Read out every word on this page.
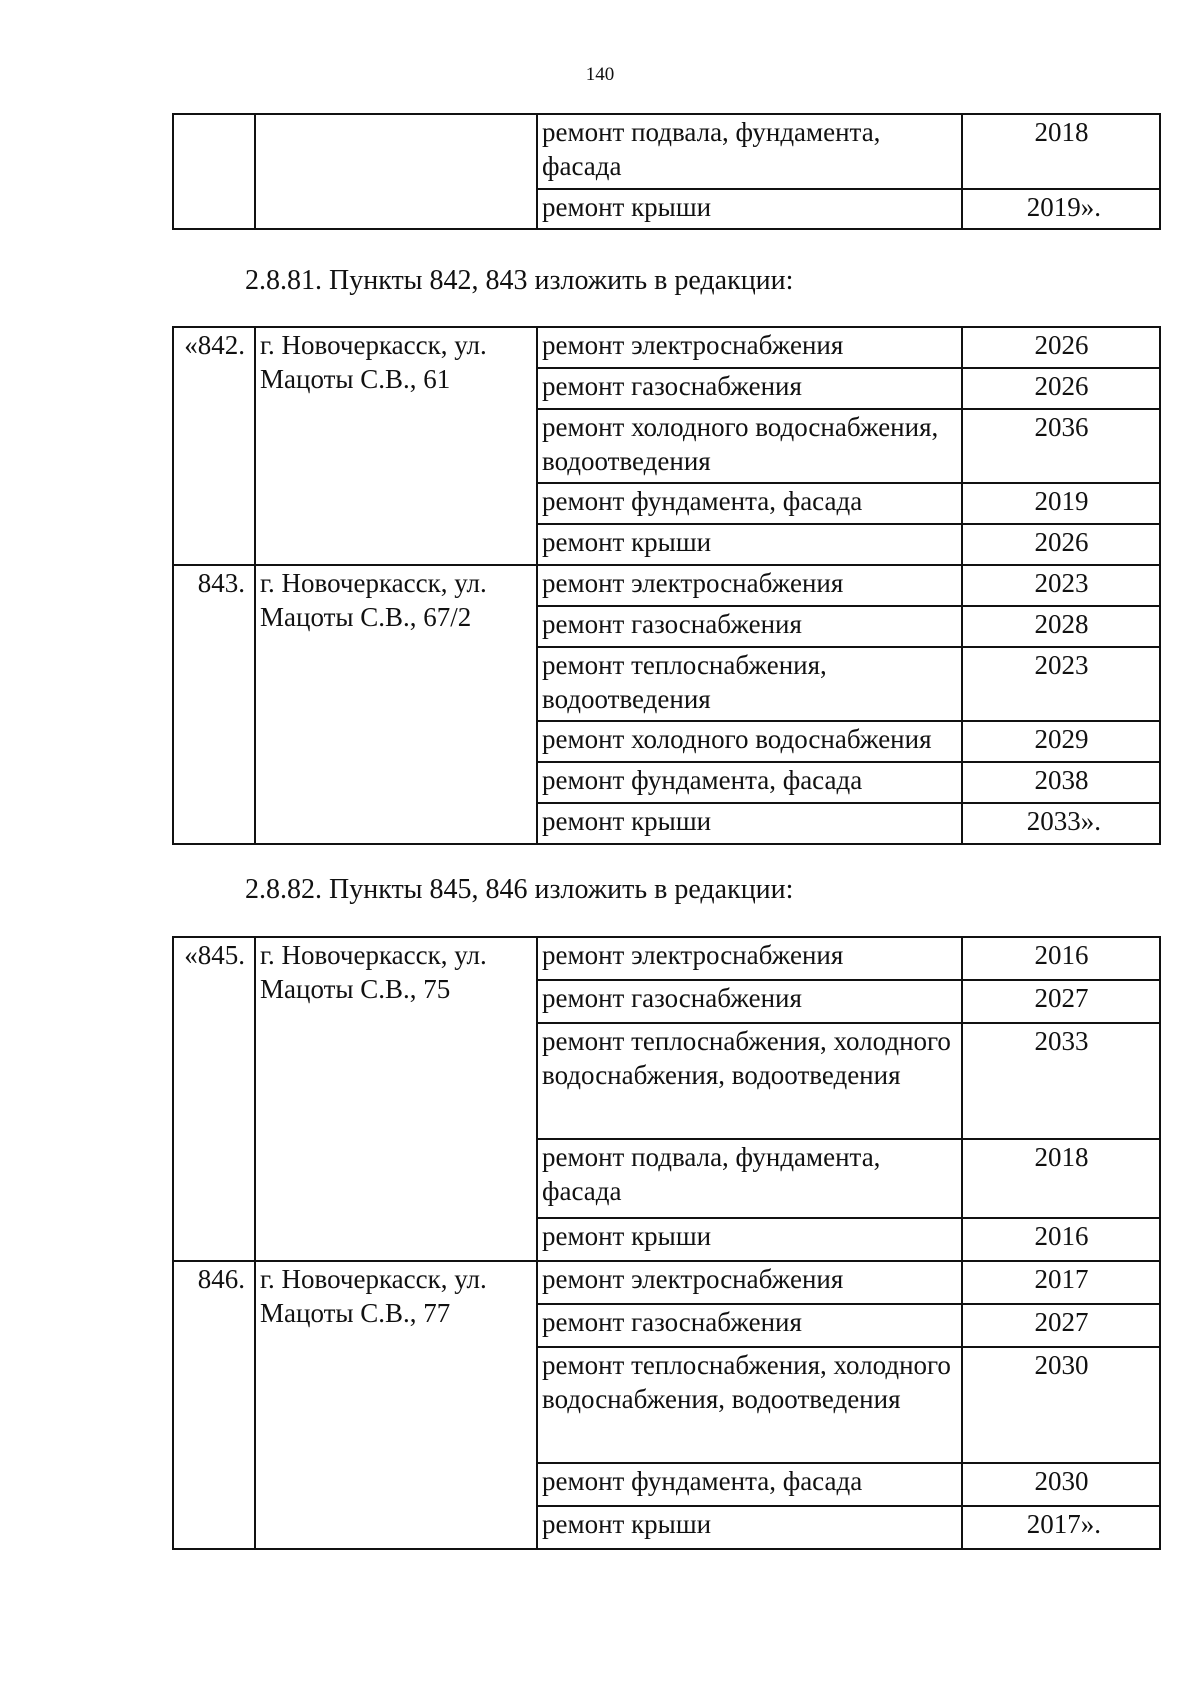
140
		ремонт подвала, фундамента, фасада	2018
		ремонт крыши	2019».
2.8.81. Пункты 842, 843 изложить в редакции:
«842.	г. Новочеркасск, ул. Мацоты С.В., 61	ремонт электроснабжения	2026
		ремонт газоснабжения	2026
		ремонт холодного водоснабжения, водоотведения	2036
		ремонт фундамента, фасада	2019
		ремонт крыши	2026
843.	г. Новочеркасск, ул. Мацоты С.В., 67/2	ремонт электроснабжения	2023
		ремонт газоснабжения	2028
		ремонт теплоснабжения, водоотведения	2023
		ремонт холодного водоснабжения	2029
		ремонт фундамента, фасада	2038
		ремонт крыши	2033».
2.8.82. Пункты 845, 846 изложить в редакции:
«845.	г. Новочеркасск, ул. Мацоты С.В., 75	ремонт электроснабжения	2016
		ремонт газоснабжения	2027
		ремонт теплоснабжения, холодного водоснабжения, водоотведения	2033
		ремонт подвала, фундамента, фасада	2018
		ремонт крыши	2016
846.	г. Новочеркасск, ул. Мацоты С.В., 77	ремонт электроснабжения	2017
		ремонт газоснабжения	2027
		ремонт теплоснабжения, холодного водоснабжения, водоотведения	2030
		ремонт фундамента, фасада	2030
		ремонт крыши	2017».
